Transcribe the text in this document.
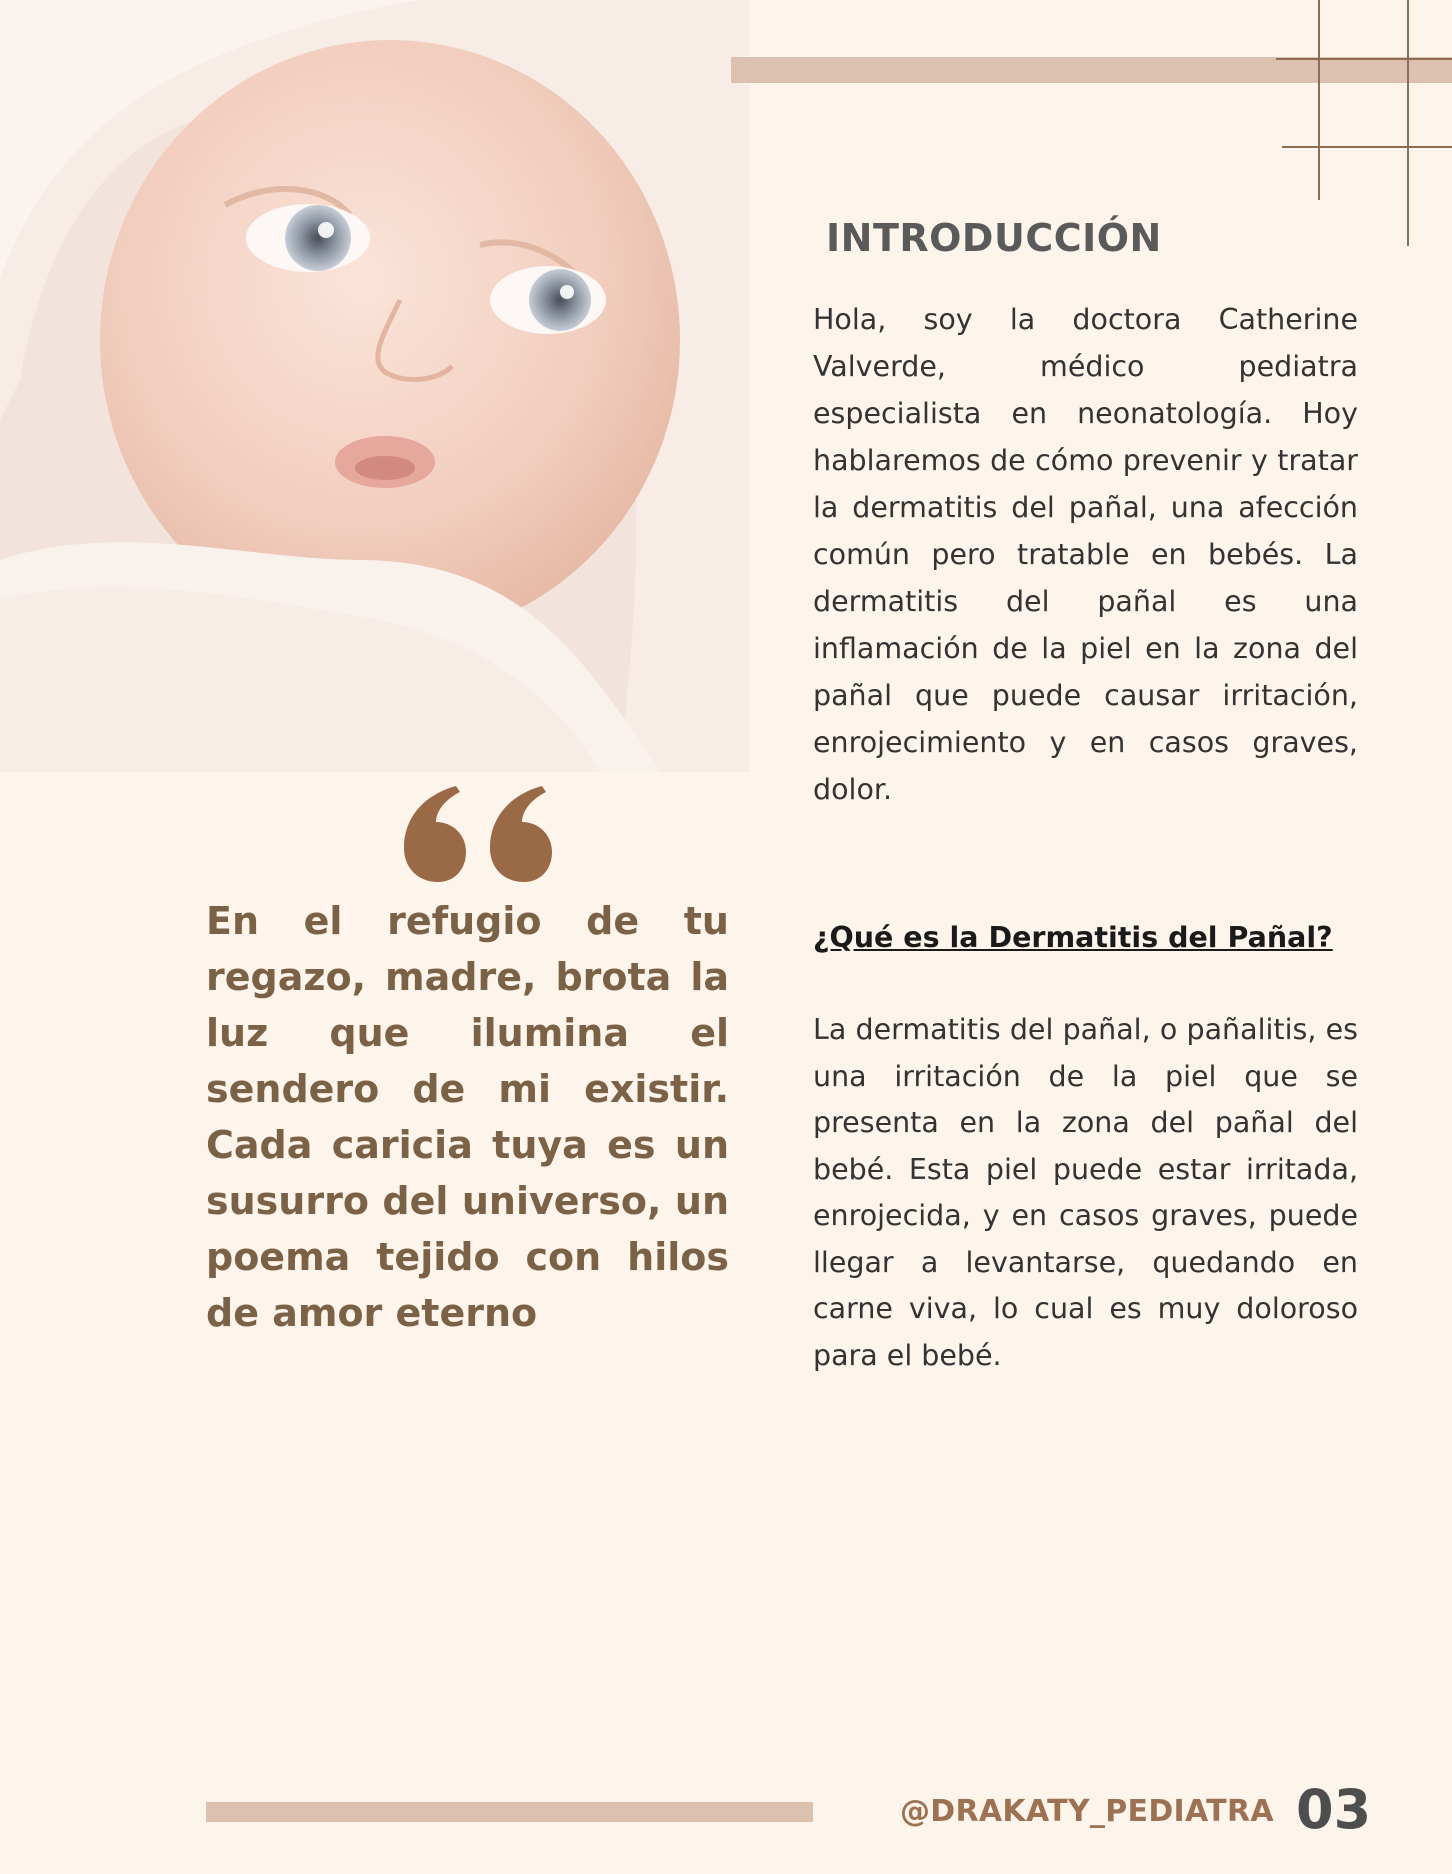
INTRODUCCIÓN

Hola, soy la doctora Catherine Valverde, médico pediatra especialista en neonatología. Hoy hablaremos de cómo prevenir y tratar la dermatitis del pañal, una afección común pero tratable en bebés. La dermatitis del pañal es una inflamación de la piel en la zona del pañal que puede causar irritación, enrojecimiento y en casos graves, dolor.

¿Qué es la Dermatitis del Pañal?

La dermatitis del pañal, o pañalitis, es una irritación de la piel que se presenta en la zona del pañal del bebé. Esta piel puede estar irritada, enrojecida, y en casos graves, puede llegar a levantarse, quedando en carne viva, lo cual es muy doloroso para el bebé.

En el refugio de tu regazo, madre, brota la luz que ilumina el sendero de mi existir. Cada caricia tuya es un susurro del universo, un poema tejido con hilos de amor eterno

@DRAKATY_PEDIATRA 03
